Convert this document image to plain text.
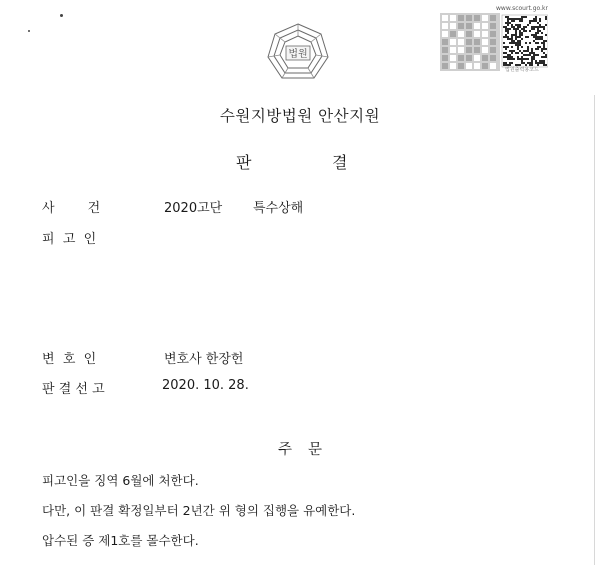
법원
www.scourt.go.kr
법원출력용코드
수원지방법원 안산지원
판	결
사        건	2020고단 특수상해
피  고  인
변  호  인	변호사 한장헌
판 결 선 고	2020. 10. 28.
주 문
피고인을 징역 6월에 처한다.
다만, 이 판결 확정일부터 2년간 위 형의 집행을 유예한다.
압수된 증 제1호를 몰수한다.
